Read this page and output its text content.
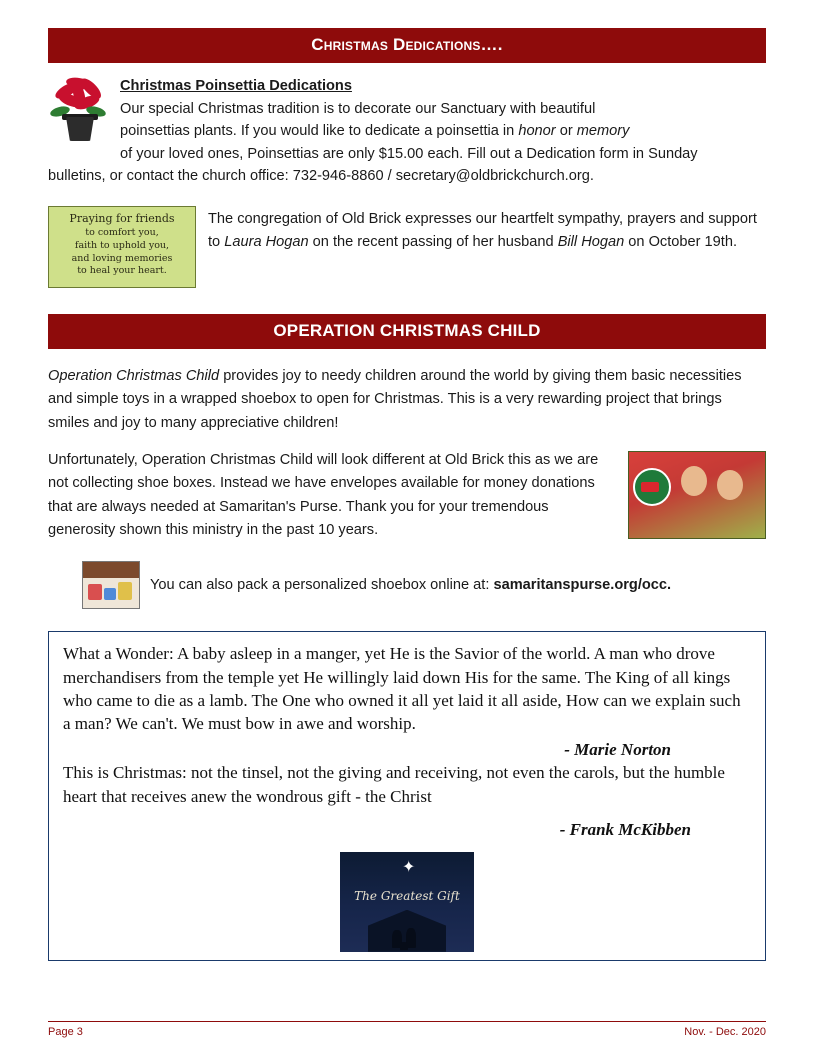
Christmas Dedications….
Christmas Poinsettia Dedications
Our special Christmas tradition is to decorate our Sanctuary with beautiful
poinsettias plants. If you would like to dedicate a poinsettia in honor or memory
of your loved ones, Poinsettias are only $15.00 each. Fill out a Dedication form in Sunday
bulletins, or contact the church office: 732-946-8860 / secretary@oldbrickchurch.org.
Praying for friends
to comfort you,
faith to uphold you,
and loving memories
to heal your heart.
The congregation of Old Brick expresses our heartfelt sympathy, prayers and support to Laura Hogan on the recent passing of her husband Bill Hogan on October 19th.
OPERATION CHRISTMAS CHILD
Operation Christmas Child provides joy to needy children around the world by giving them basic necessities and simple toys in a wrapped shoebox to open for Christmas. This is a very rewarding project that brings smiles and joy to many appreciative children!
Unfortunately, Operation Christmas Child will look different at Old Brick this as we are not collecting shoe boxes. Instead we have envelopes available for money donations that are always needed at Samaritan's Purse. Thank you for your tremendous generosity shown this ministry in the past 10 years.
You can also pack a personalized shoebox online at: samaritanspurse.org/occ.
What a Wonder: A baby asleep in a manger, yet He is the Savior of the world. A man who drove merchandisers from the temple yet He willingly laid down His for the same. The King of all kings who came to die as a lamb. The One who owned it all yet laid it all aside, How can we explain such a man? We can't. We must bow in awe and worship.
- Marie Norton
This is Christmas: not the tinsel, not the giving and receiving, not even the carols, but the humble heart that receives anew the wondrous gift - the Christ
- Frank McKibben
✦
The Greatest Gift
Page 3	Nov. - Dec. 2020
